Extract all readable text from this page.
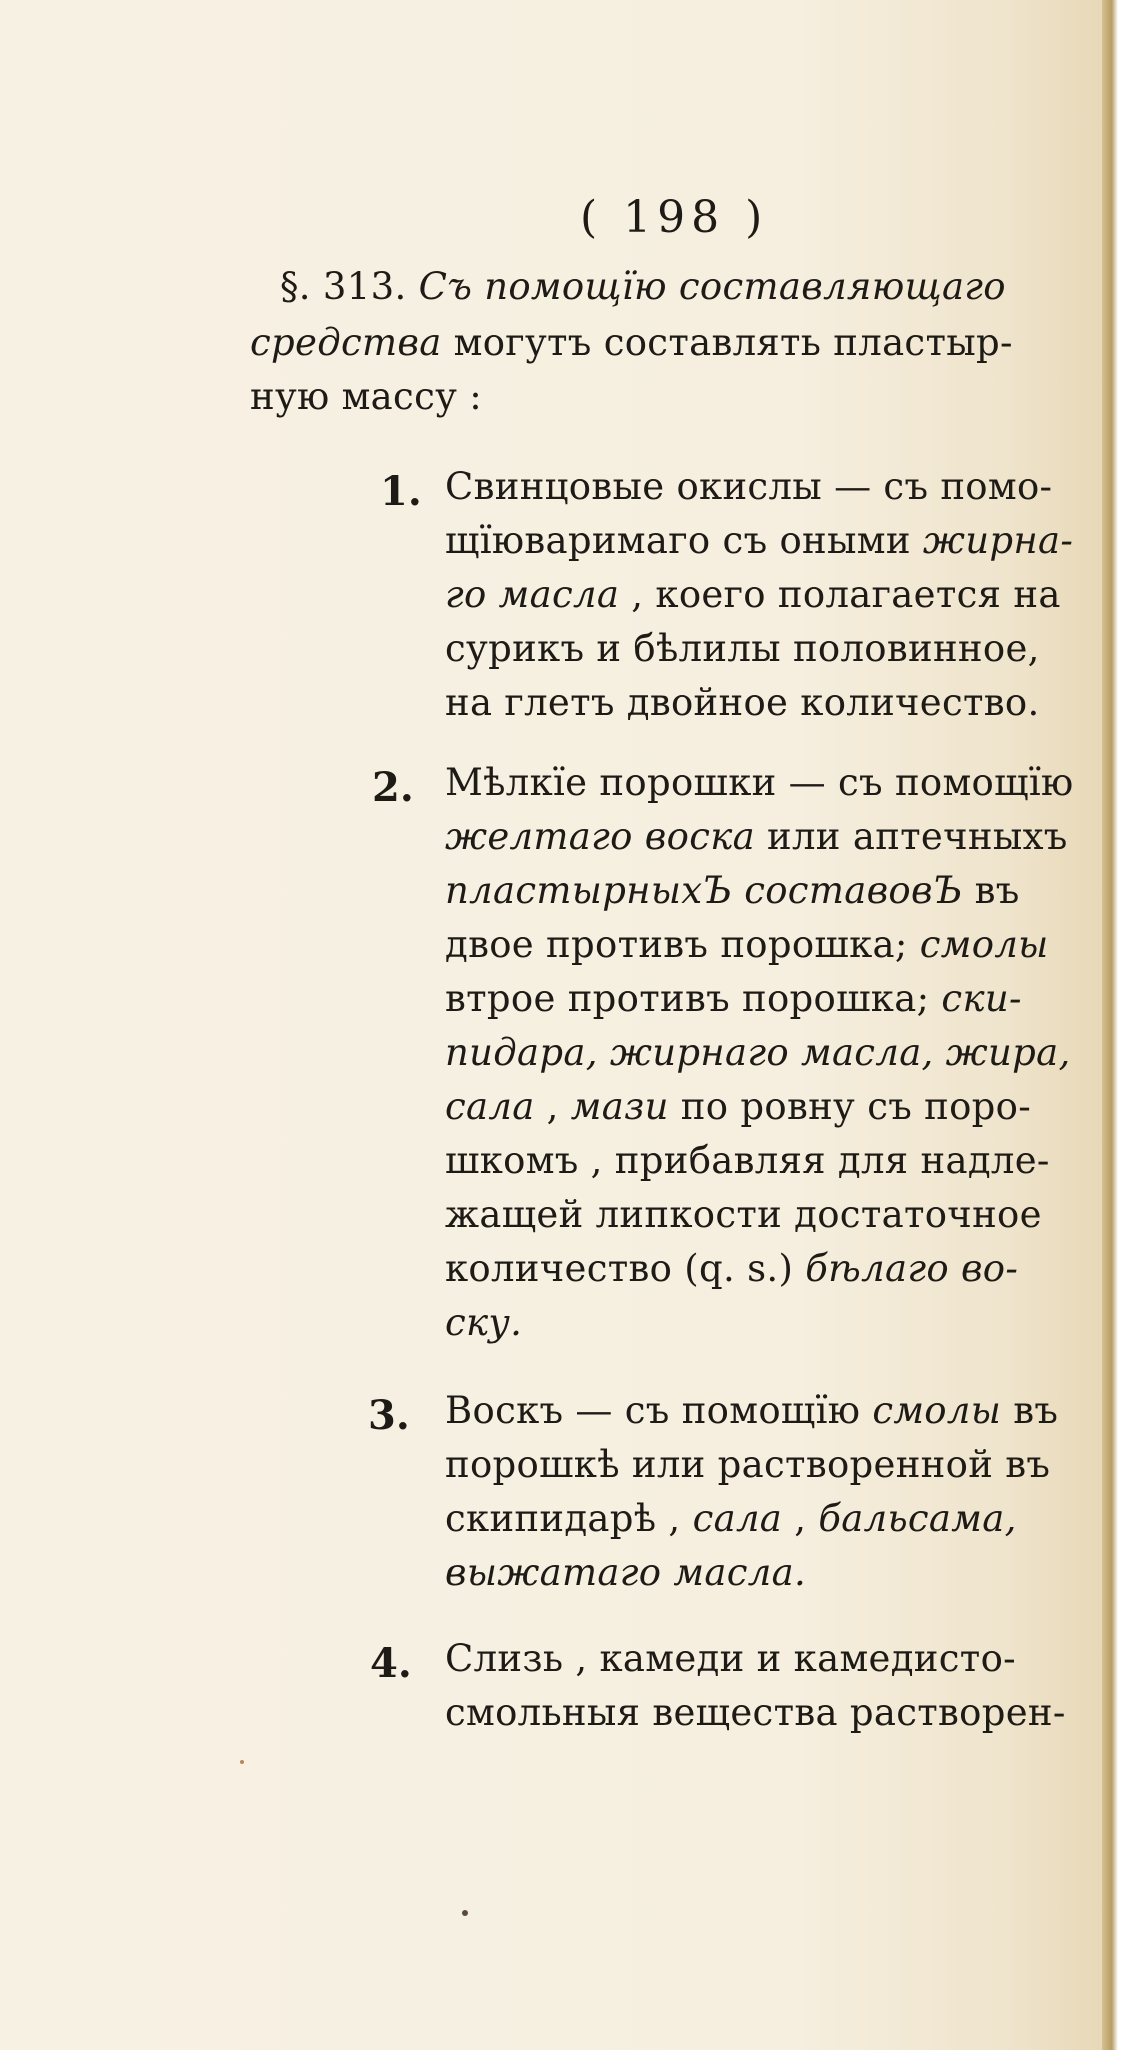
( 198 )
§. 313. Съ помощїю составляющаго
средства могутъ составлять пластыр-
ную массу :
1. Свинцовые окислы — съ помо-
щїюваримаго съ оными жирна-
го масла , коего полагается на
сурикъ и бѣлилы половинное,
на глетъ двойное количество.
2. Мѣлкїе порошки — съ помощїю
желтаго воска или аптечныхъ
пластырныхЪ составовЪ въ
двое противъ порошка; смолы
втрое противъ порошка; ски-
пидара, жирнаго масла, жира,
сала , мази по ровну съ поро-
шкомъ , прибавляя для надле-
жащей липкости достаточное
количество (q. s.) бѣлаго во-
ску.
3. Воскъ — съ помощїю смолы въ
порошкѣ или растворенной въ
скипидарѣ , сала , бальсама,
выжатаго масла.
4. Слизь , камеди и камедисто-
смольныя вещества растворен-
